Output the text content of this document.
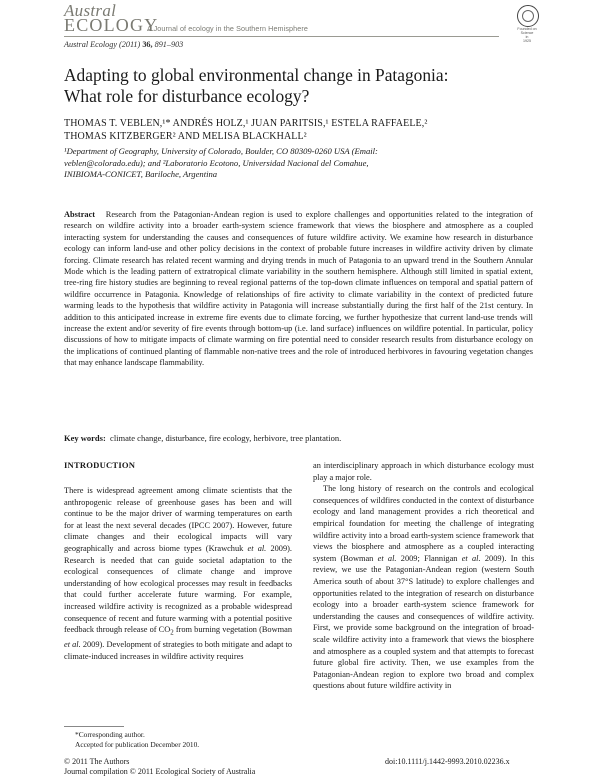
Austral
ECOLOGY
A Journal of ecology in the Southern Hemisphere	Founded on
Science
in
1925
Austral Ecology (2011) 36, 891–903
Adapting to global environmental change in Patagonia:
What role for disturbance ecology?
THOMAS T. VEBLEN,¹* ANDRÉS HOLZ,¹ JUAN PARITSIS,¹ ESTELA RAFFAELE,²
THOMAS KITZBERGER² AND MELISA BLACKHALL²
¹Department of Geography, University of Colorado, Boulder, CO 80309-0260 USA (Email:
veblen@colorado.edu); and ²Laboratorio Ecotono, Universidad Nacional del Comahue,
INIBIOMA-CONICET, Bariloche, Argentina
Abstract Research from the Patagonian-Andean region is used to explore challenges and opportunities related to the integration of research on wildfire activity into a broader earth-system science framework that views the biosphere and atmosphere as a coupled interacting system for understanding the causes and consequences of future wildfire activity. We examine how research in disturbance ecology can inform land-use and other policy decisions in the context of probable future increases in wildfire activity driven by climate forcing. Climate research has related recent warming and drying trends in much of Patagonia to an upward trend in the Southern Annular Mode which is the leading pattern of extratropical climate variability in the southern hemisphere. Although still limited in spatial extent, tree-ring fire history studies are beginning to reveal regional patterns of the top-down climate influences on temporal and spatial pattern of wildfire occurrence in Patagonia. Knowledge of relationships of fire activity to climate variability in the context of predicted future warming leads to the hypothesis that wildfire activity in Patagonia will increase substantially during the first half of the 21st century. In addition to this anticipated increase in extreme fire events due to climate forcing, we further hypothesize that current land-use trends will increase the extent and/or severity of fire events through bottom-up (i.e. land surface) influences on wildfire potential. In particular, policy discussions of how to mitigate impacts of climate warming on fire potential need to consider research results from disturbance ecology on the implications of continued planting of flammable non-native trees and the role of introduced herbivores in favouring vegetation changes that may enhance landscape flammability.
Key words: climate change, disturbance, fire ecology, herbivore, tree plantation.
INTRODUCTION

There is widespread agreement among climate scientists that the anthropogenic release of greenhouse gases has been and will continue to be the major driver of warming temperatures on earth for at least the next several decades (IPCC 2007). However, future climate changes and their ecological impacts will vary geographically and across biome types (Krawchuk et al. 2009). Research is needed that can guide societal adaptation to the ecological consequences of climate change and improve understanding of how ecological processes may result in feedbacks that could further accelerate future warming. For example, increased wildfire activity is recognized as a probable widespread consequence of recent and future warming with a potential positive feedback through release of $CO_2$ from burning vegetation (Bowman et al. 2009). Development of strategies to both mitigate and adapt to climate-induced increases in wildfire activity requires

an interdisciplinary approach in which disturbance ecology must play a major role.

The long history of research on the controls and ecological consequences of wildfires conducted in the context of disturbance ecology and land management provides a rich theoretical and empirical foundation for meeting the challenge of integrating wildfire activity into a broad earth-system science framework that views the biosphere and atmosphere as a coupled interacting system (Bowman et al. 2009; Flannigan et al. 2009). In this review, we use the Patagonian-Andean region (western South America south of about 37°S latitude) to explore challenges and opportunities related to the integration of research on disturbance ecology into a broader earth-system science framework for understanding the causes and consequences of wildfire activity. First, we provide some background on the integration of broad-scale wildfire activity into a framework that views the biosphere and atmosphere as a coupled system and that attempts to forecast future global fire activity. Then, we use examples from the Patagonian-Andean region to explore two broad and complex questions about future wildfire activity in

*Corresponding author.
Accepted for publication December 2010.
© 2011 The Authors
Journal compilation © 2011 Ecological Society of Australia
doi:10.1111/j.1442-9993.2010.02236.x
